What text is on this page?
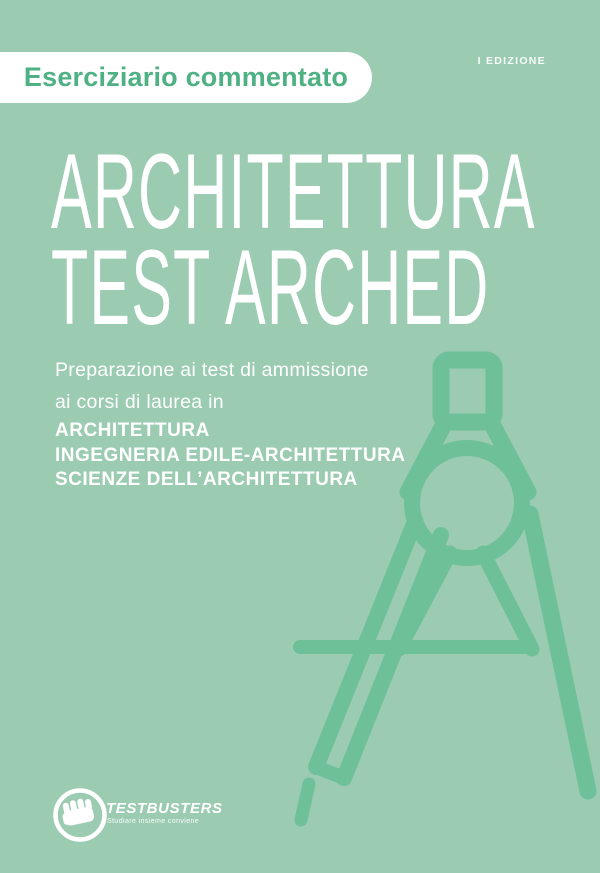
Eserciziario commentato
I EDIZIONE
ARCHITETTURA
TEST ARCHED
Preparazione ai test di ammissione
ai corsi di laurea in
ARCHITETTURA
INGEGNERIA EDILE-ARCHITETTURA
SCIENZE DELL’ARCHITETTURA
TESTBUSTERS
Studiare insieme conviene
